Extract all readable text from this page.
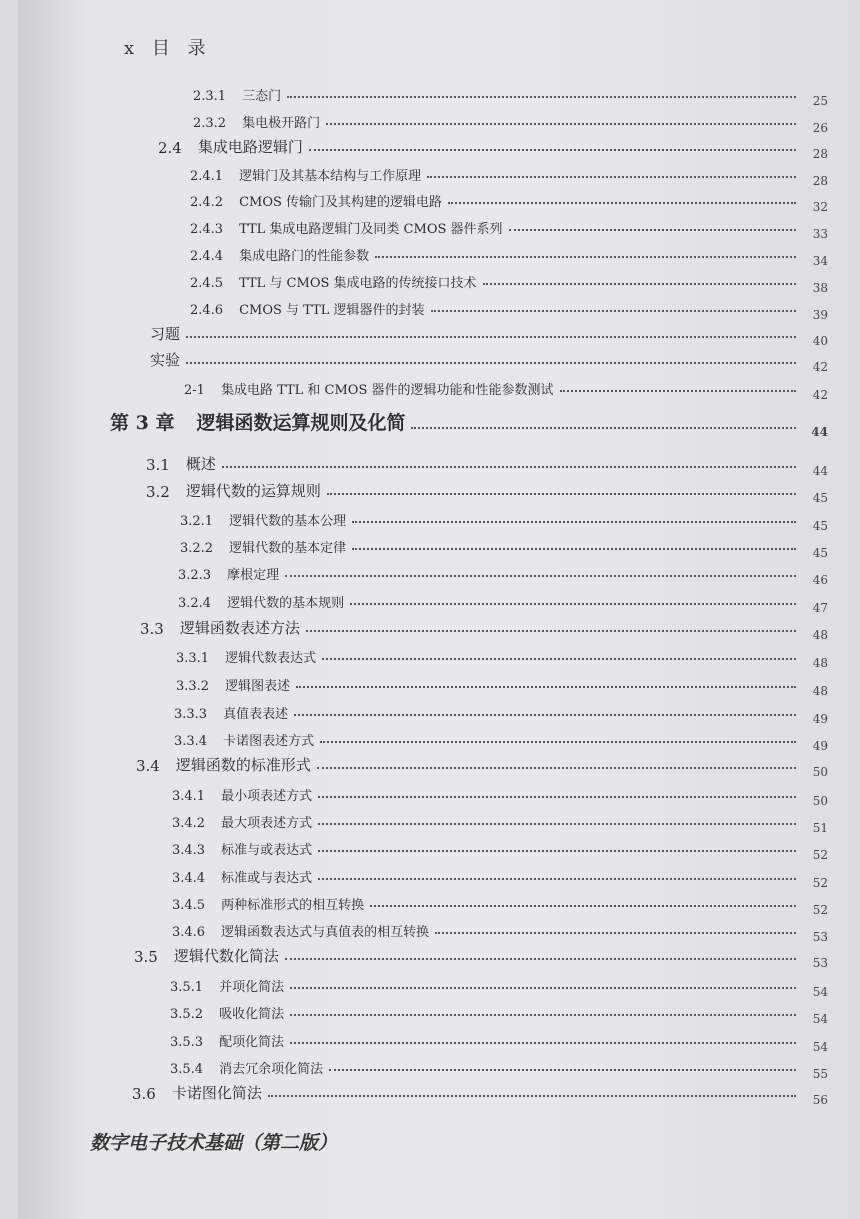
x 目 录
2.3.1 三态门	25
2.3.2 集电极开路门	26
2.4 集成电路逻辑门	28
2.4.1 逻辑门及其基本结构与工作原理	28
2.4.2 CMOS 传输门及其构建的逻辑电路	32
2.4.3 TTL 集成电路逻辑门及同类 CMOS 器件系列	33
2.4.4 集成电路门的性能参数	34
2.4.5 TTL 与 CMOS 集成电路的传统接口技术	38
2.4.6 CMOS 与 TTL 逻辑器件的封装	39
习题	40
实验	42
2-1 集成电路 TTL 和 CMOS 器件的逻辑功能和性能参数测试	42
第 3 章 逻辑函数运算规则及化简	44
3.1 概述	44
3.2 逻辑代数的运算规则	45
3.2.1 逻辑代数的基本公理	45
3.2.2 逻辑代数的基本定律	45
3.2.3 摩根定理	46
3.2.4 逻辑代数的基本规则	47
3.3 逻辑函数表述方法	48
3.3.1 逻辑代数表达式	48
3.3.2 逻辑图表述	48
3.3.3 真值表表述	49
3.3.4 卡诺图表述方式	49
3.4 逻辑函数的标准形式	50
3.4.1 最小项表述方式	50
3.4.2 最大项表述方式	51
3.4.3 标准与或表达式	52
3.4.4 标准或与表达式	52
3.4.5 两种标准形式的相互转换	52
3.4.6 逻辑函数表达式与真值表的相互转换	53
3.5 逻辑代数化简法	53
3.5.1 并项化简法	54
3.5.2 吸收化简法	54
3.5.3 配项化简法	54
3.5.4 消去冗余项化简法	55
3.6 卡诺图化简法	56
数字电子技术基础（第二版）
